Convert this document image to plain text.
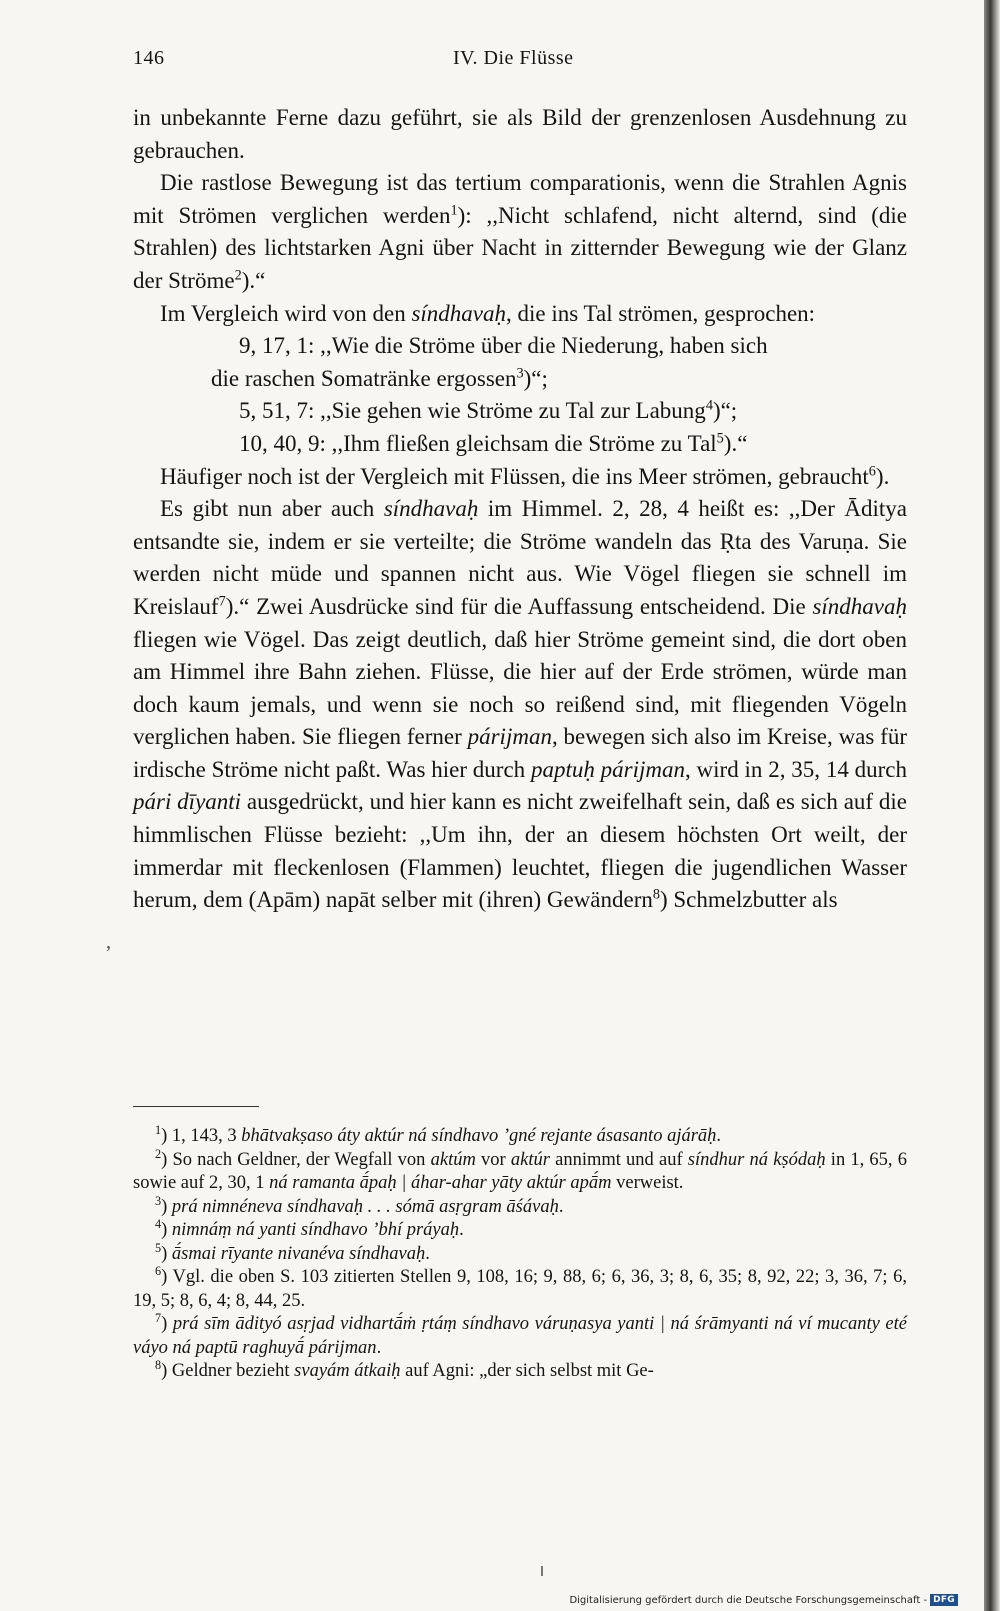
146	IV. Die Flüsse

in unbekannte Ferne dazu geführt, sie als Bild der grenzenlosen Ausdehnung zu gebrauchen.

Die rastlose Bewegung ist das tertium comparationis, wenn die Strahlen Agnis mit Strömen verglichen werden$^1$): ,,Nicht schlafend, nicht alternd, sind (die Strahlen) des lichtstarken Agni über Nacht in zitternder Bewegung wie der Glanz der Ströme$^2$).“

Im Vergleich wird von den síndhavaḥ, die ins Tal strömen, gesprochen:

9, 17, 1: ,,Wie die Ströme über die Niederung, haben sich

die raschen Somatränke ergossen$^3$)“;

5, 51, 7: ,,Sie gehen wie Ströme zu Tal zur Labung$^4$)“;

10, 40, 9: ,,Ihm fließen gleichsam die Ströme zu Tal$^5$).“

Häufiger noch ist der Vergleich mit Flüssen, die ins Meer strömen, gebraucht$^6$).

Es gibt nun aber auch síndhavaḥ im Himmel. 2, 28, 4 heißt es: ,,Der Āditya entsandte sie, indem er sie verteilte; die Ströme wandeln das Ṛta des Varuṇa. Sie werden nicht müde und spannen nicht aus. Wie Vögel fliegen sie schnell im Kreislauf$^7$).“ Zwei Ausdrücke sind für die Auffassung entscheidend. Die síndhavaḥ fliegen wie Vögel. Das zeigt deutlich, daß hier Ströme gemeint sind, die dort oben am Himmel ihre Bahn ziehen. Flüsse, die hier auf der Erde strömen, würde man doch kaum jemals, und wenn sie noch so reißend sind, mit fliegenden Vögeln verglichen haben. Sie fliegen ferner párijman, bewegen sich also im Kreise, was für irdische Ströme nicht paßt. Was hier durch paptuḥ párijman, wird in 2, 35, 14 durch pári dīyanti ausgedrückt, und hier kann es nicht zweifelhaft sein, daß es sich auf die himmlischen Flüsse bezieht: ,,Um ihn, der an diesem höchsten Ort weilt, der immerdar mit fleckenlosen (Flammen) leuchtet, fliegen die jugendlichen Wasser herum, dem (Apām) napāt selber mit (ihren) Gewändern$^8$) Schmelzbutter als

,

$^1$) 1, 143, 3 bhātvakṣaso áty aktúr ná síndhavo ’gné rejante ásasanto ajárāḥ.

$^2$) So nach Geldner, der Wegfall von aktúm vor aktúr annimmt und auf síndhur ná kṣódaḥ in 1, 65, 6 sowie auf 2, 30, 1 ná ramanta ā́paḥ | áhar-ahar yāty aktúr apā́m verweist.

$^3$) prá nimnéneva síndhavaḥ . . . sómā asṛgram āśávaḥ.

$^4$) nimnáṃ ná yanti síndhavo ’bhí práyaḥ.

$^5$) ā́smai rīyante nivanéva síndhavaḥ.

$^6$) Vgl. die oben S. 103 zitierten Stellen 9, 108, 16; 9, 88, 6; 6, 36, 3; 8, 6, 35; 8, 92, 22; 3, 36, 7; 6, 19, 5; 8, 6, 4; 8, 44, 25.

$^7$) prá sīm ādityó asṛjad vidhartā́ṁ ṛtáṃ síndhavo váruṇasya yanti | ná śrāmyanti ná ví mucanty eté váyo ná paptū raghuyā́ párijman.

$^8$) Geldner bezieht svayám átkaiḥ auf Agni: „der sich selbst mit Ge-

Digitalisierung gefördert durch die Deutsche Forschungsgemeinschaft - DFG
